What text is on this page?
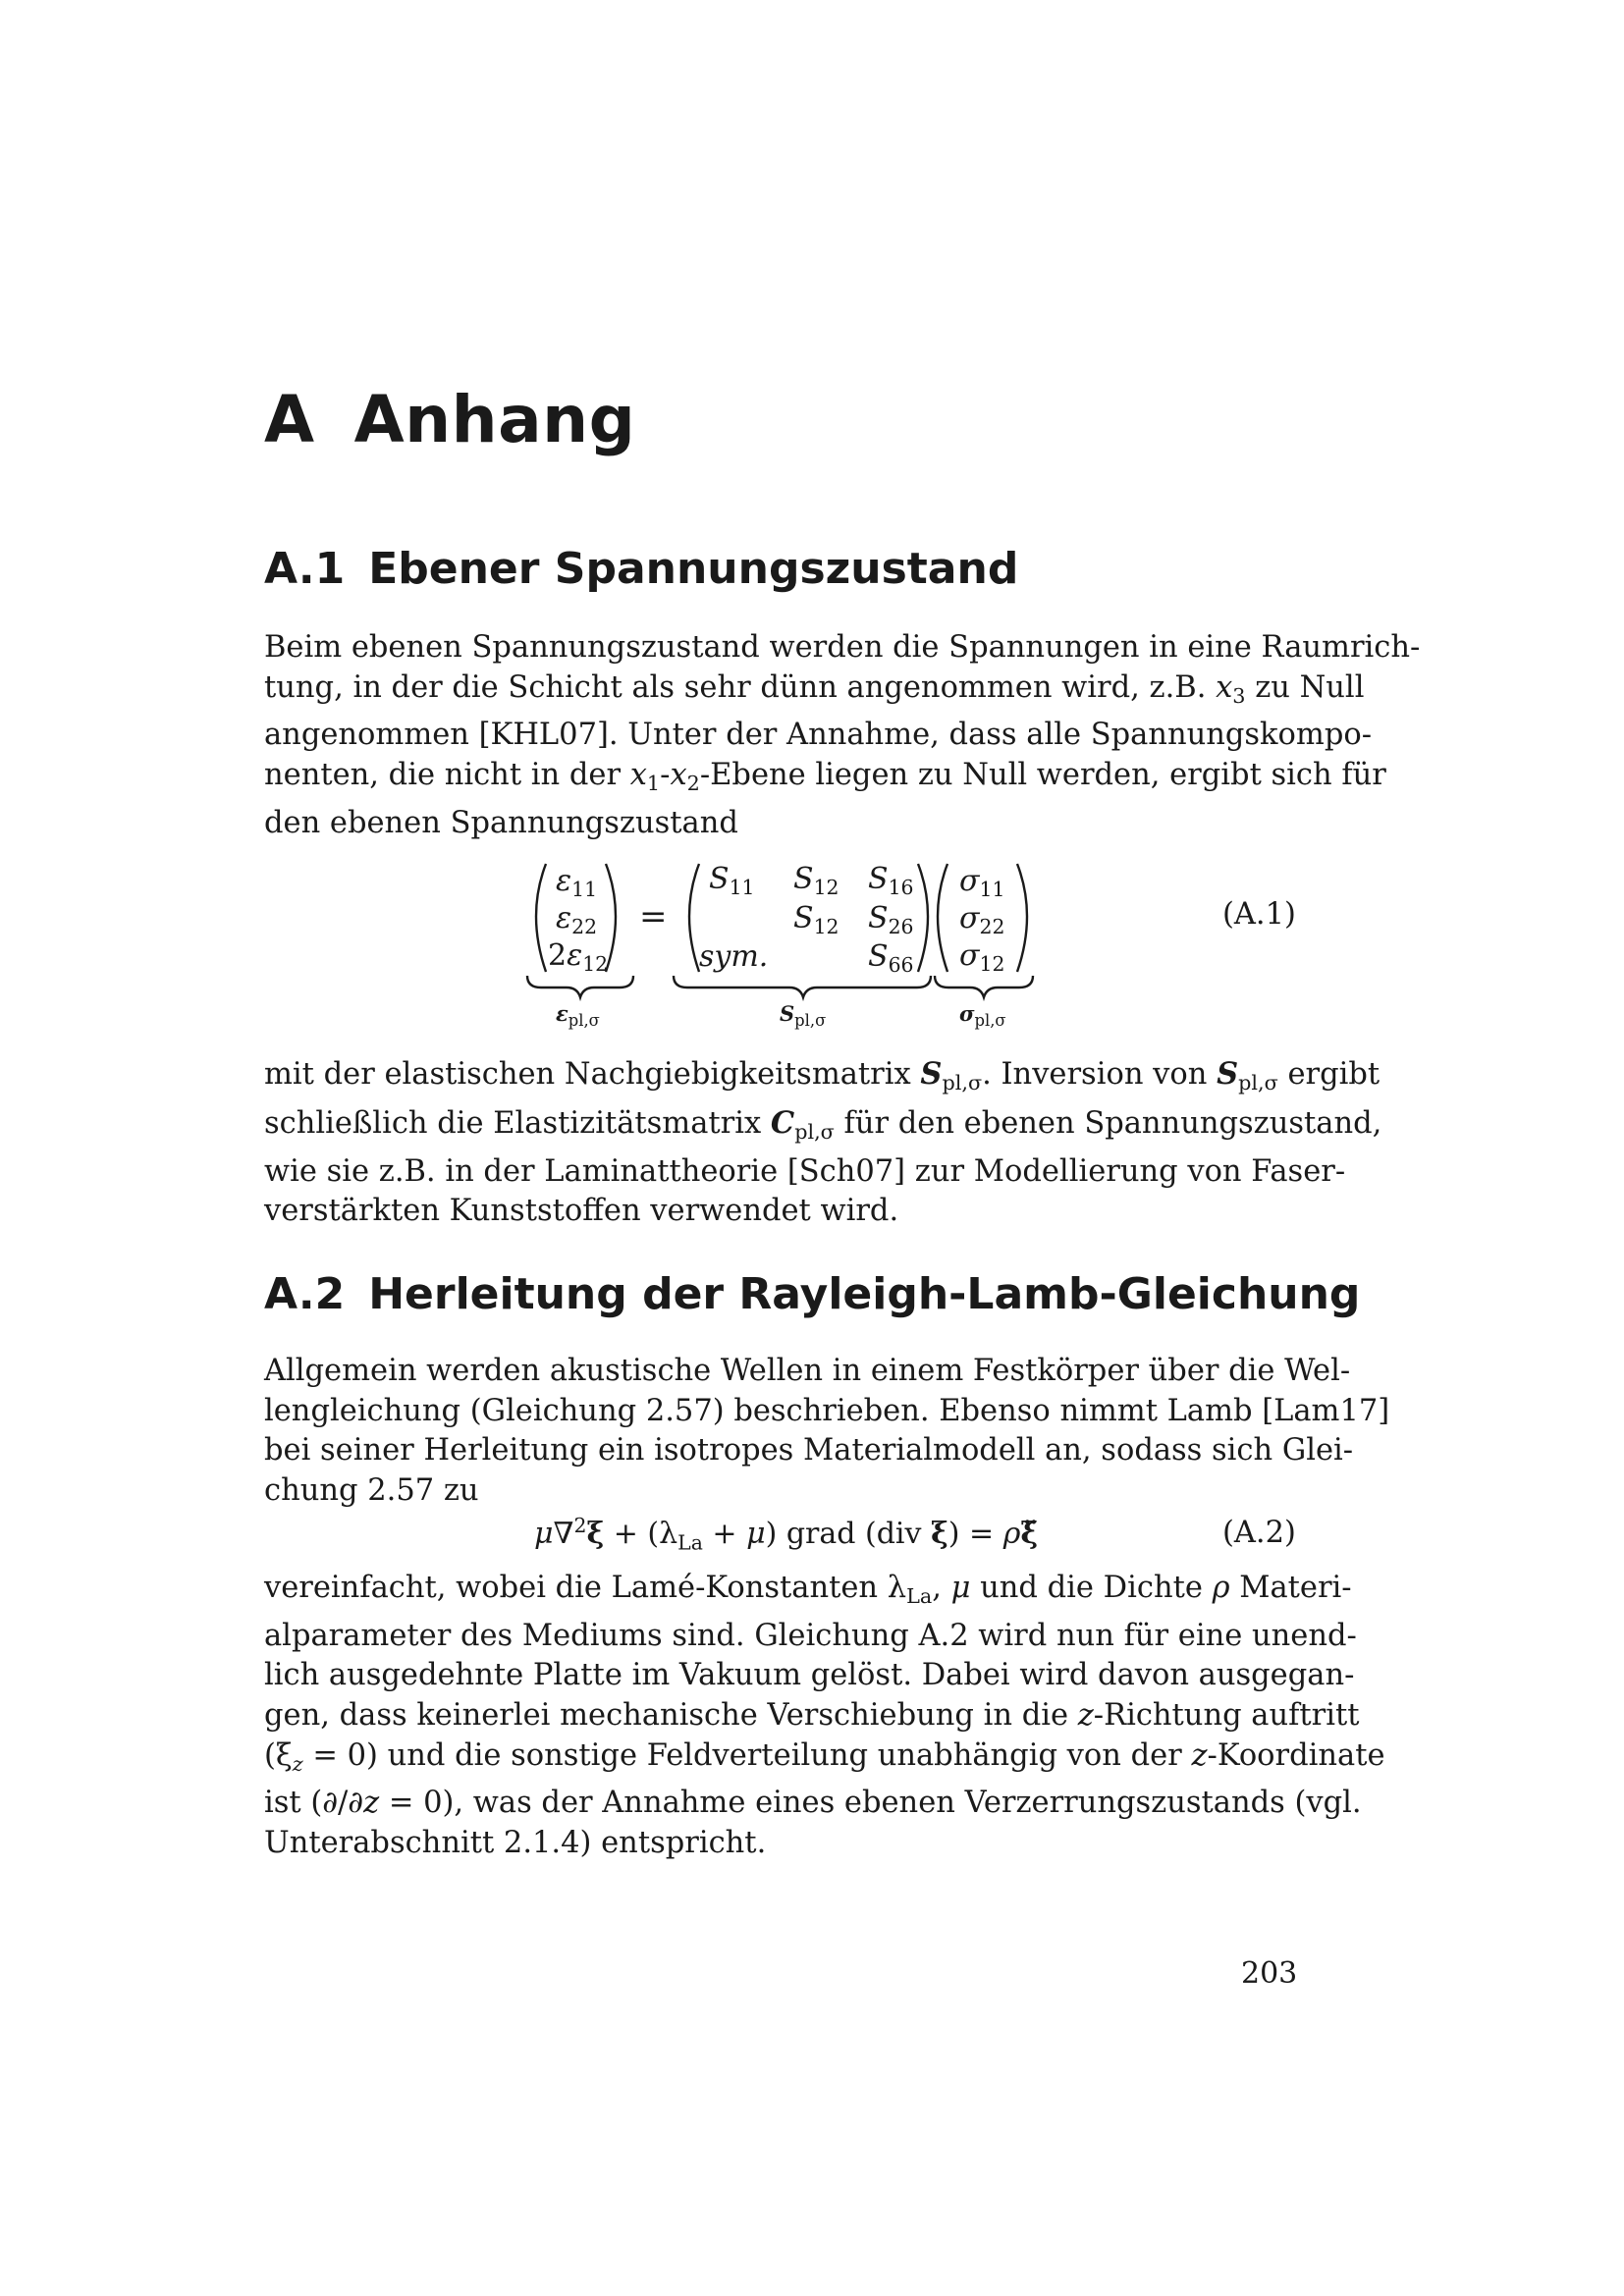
A Anhang
A.1 Ebener Spannungszustand
Beim ebenen Spannungszustand werden die Spannungen in eine Raumrich-
tung, in der die Schicht als sehr dünn angenommen wird, z.B. $x_3$ zu Null
angenommen [KHL07]. Unter der Annahme, dass alle Spannungskompo-
nenten, die nicht in der $x_1-x_2$-Ebene liegen zu Null werden, ergibt sich für
den ebenen Spannungszustand
=
$\varepsilon_{11}$
$\varepsilon_{22}$
$2\varepsilon_{12}$
$S_{11}$ $S_{12}$ $S_{16}$
$S_{12}$ $S_{26}$
sym.	$S_{66}$
$\sigma_{11}$
$\sigma_{22}$
$\sigma_{12}$
$\varepsilon_{pl,\sigma}$	$S_{pl,\sigma}$	$\sigma_{pl,\sigma}$
(A.1)
mit der elastischen Nachgiebigkeitsmatrix $S_{pl,\sigma}$. Inversion von $S_{pl,\sigma}$ ergibt
schließlich die Elastizitätsmatrix $C_{pl,\sigma}$ für den ebenen Spannungszustand,
wie sie z.B. in der Laminattheorie [Sch07] zur Modellierung von Faser-
verstärkten Kunststoffen verwendet wird.
A.2 Herleitung der Rayleigh-Lamb-Gleichung
Allgemein werden akustische Wellen in einem Festkörper über die Wel-
lengleichung (Gleichung 2.57) beschrieben. Ebenso nimmt Lamb [Lam17]
bei seiner Herleitung ein isotropes Materialmodell an, sodass sich Glei-
chung 2.57 zu
$\mu\nabla^2\xi + (\lambda_{La} + \mu)$ grad (div ξ) = ρξ̈	(A.2)
vereinfacht, wobei die Lamé-Konstanten $\lambda_{La}$, μ und die Dichte ρ Materi-
alparameter des Mediums sind. Gleichung A.2 wird nun für eine unend-
lich ausgedehnte Platte im Vakuum gelöst. Dabei wird davon ausgegan-
gen, dass keinerlei mechanische Verschiebung in die z-Richtung auftritt
$(\xi_z = 0)$ und die sonstige Feldverteilung unabhängig von der z-Koordinate
ist (∂/∂z = 0), was der Annahme eines ebenen Verzerrungszustands (vgl.
Unterabschnitt 2.1.4) entspricht.
203
